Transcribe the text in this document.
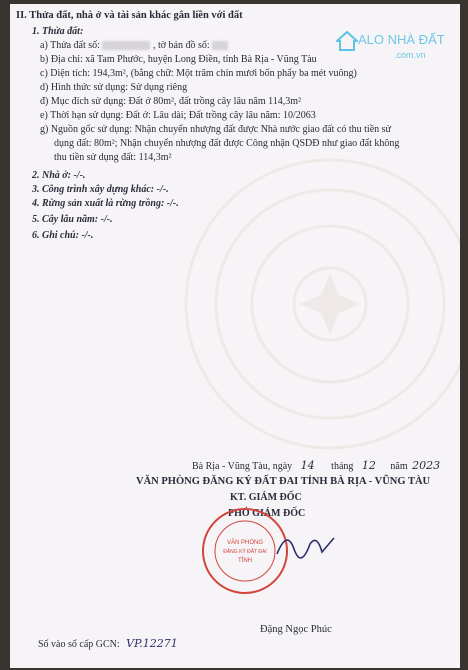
ALO NHÀ ĐẤT
.com.vn
II. Thửa đất, nhà ở và tài sản khác gắn liền với đất
1. Thửa đất:
a) Thửa đất số:	, tờ bản đồ số:
b) Địa chỉ: xã Tam Phước, huyện Long Điền, tỉnh Bà Rịa - Vũng Tàu
c) Diện tích: 194,3m², (bằng chữ: Một trăm chín mươi bốn phẩy ba mét vuông)
d) Hình thức sử dụng: Sử dụng riêng
đ) Mục đích sử dụng: Đất ở 80m², đất trồng cây lâu năm 114,3m²
e) Thời hạn sử dụng: Đất ở: Lâu dài; Đất trồng cây lâu năm: 10/2063
g) Nguồn gốc sử dụng: Nhận chuyển nhượng đất được Nhà nước giao đất có thu tiền sử
dụng đất: 80m²; Nhận chuyển nhượng đất được Công nhận QSDĐ như giao đất không
thu tiền sử dụng đất: 114,3m²
2. Nhà ở: -/-.
3. Công trình xây dựng khác: -/-.
4. Rừng sản xuất là rừng trồng: -/-.
5. Cây lâu năm: -/-.
6. Ghi chú: -/-.
Bà Rịa - Vũng Tàu, ngày 14 tháng 12 năm 2023
VĂN PHÒNG ĐĂNG KÝ ĐẤT ĐAI TỈNH BÀ RỊA - VŨNG TÀU
KT. GIÁM ĐỐC
PHÓ GIÁM ĐỐC
VĂN PHÒNG
ĐĂNG KÝ ĐẤT ĐAI
TỈNH
Đặng Ngọc Phúc
Số vào sổ cấp GCN: VP.12271
